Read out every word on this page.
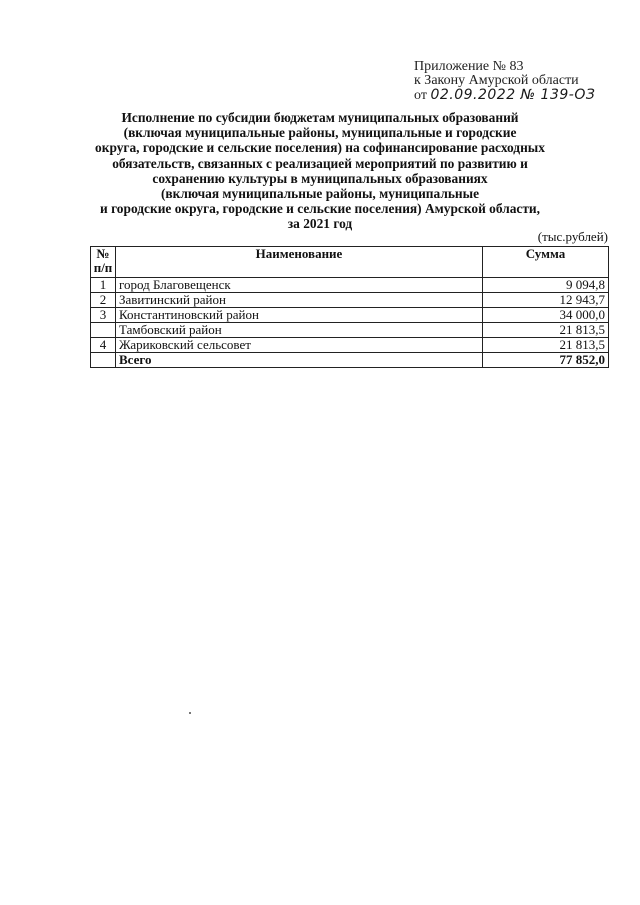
Приложение № 83
к Закону Амурской области
от 02.09.2022 № 139-ОЗ
Исполнение по субсидии бюджетам муниципальных образований
(включая муниципальные районы, муниципальные и городские
округа, городские и сельские поселения) на софинансирование расходных
обязательств, связанных с реализацией мероприятий по развитию и
сохранению культуры в муниципальных образованиях
(включая муниципальные районы, муниципальные
и городские округа, городские и сельские поселения) Амурской области,
за 2021 год
(тыс.рублей)
№
п/п	Наименование	Сумма
1	город Благовещенск	9 094,8
2	Завитинский район	12 943,7
3	Константиновский район	34 000,0
	Тамбовский район	21 813,5
4	Жариковский сельсовет	21 813,5
	Всего	77 852,0
